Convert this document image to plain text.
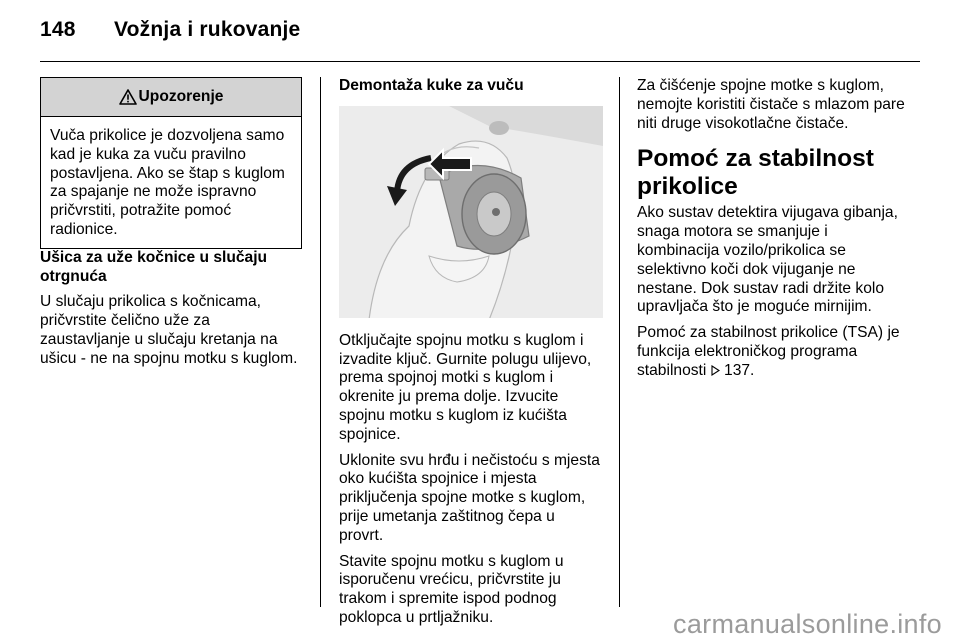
148 Vožnja i rukovanje
Upozorenje
Vuča prikolice je dozvoljena samo kad je kuka za vuču pravilno postavljena. Ako se štap s kuglom za spajanje ne može ispravno pričvrstiti, potražite pomoć radionice.

Ušica za uže kočnice u slučaju otrgnuća

U slučaju prikolica s kočnicama, pričvrstite čelično uže za zaustavljanje u slučaju kretanja na ušicu - ne na spojnu motku s kuglom.

Demontaža kuke za vuču

Otključajte spojnu motku s kuglom i izvadite ključ. Gurnite polugu ulijevo, prema spojnoj motki s kuglom i okrenite ju prema dolje. Izvucite spojnu motku s kuglom iz kućišta spojnice.

Uklonite svu hrđu i nečistoću s mjesta oko kućišta spojnice i mjesta priključenja spojne motke s kuglom, prije umetanja zaštitnog čepa u provrt.

Stavite spojnu motku s kuglom u isporučenu vrećicu, pričvrstite ju trakom i spremite ispod podnog poklopca u prtljažniku.

Za čišćenje spojne motke s kuglom, nemojte koristiti čistače s mlazom pare niti druge visokotlačne čistače.

Pomoć za stabilnost prikolice

Ako sustav detektira vijugava gibanja, snaga motora se smanjuje i kombinacija vozilo/prikolica se selektivno koči dok vijuganje ne nestane. Dok sustav radi držite kolo upravljača što je moguće mirnijim.

Pomoć za stabilnost prikolice (TSA) je funkcija elektroničkog programa stabilnosti 137.

carmanualsonline.info
